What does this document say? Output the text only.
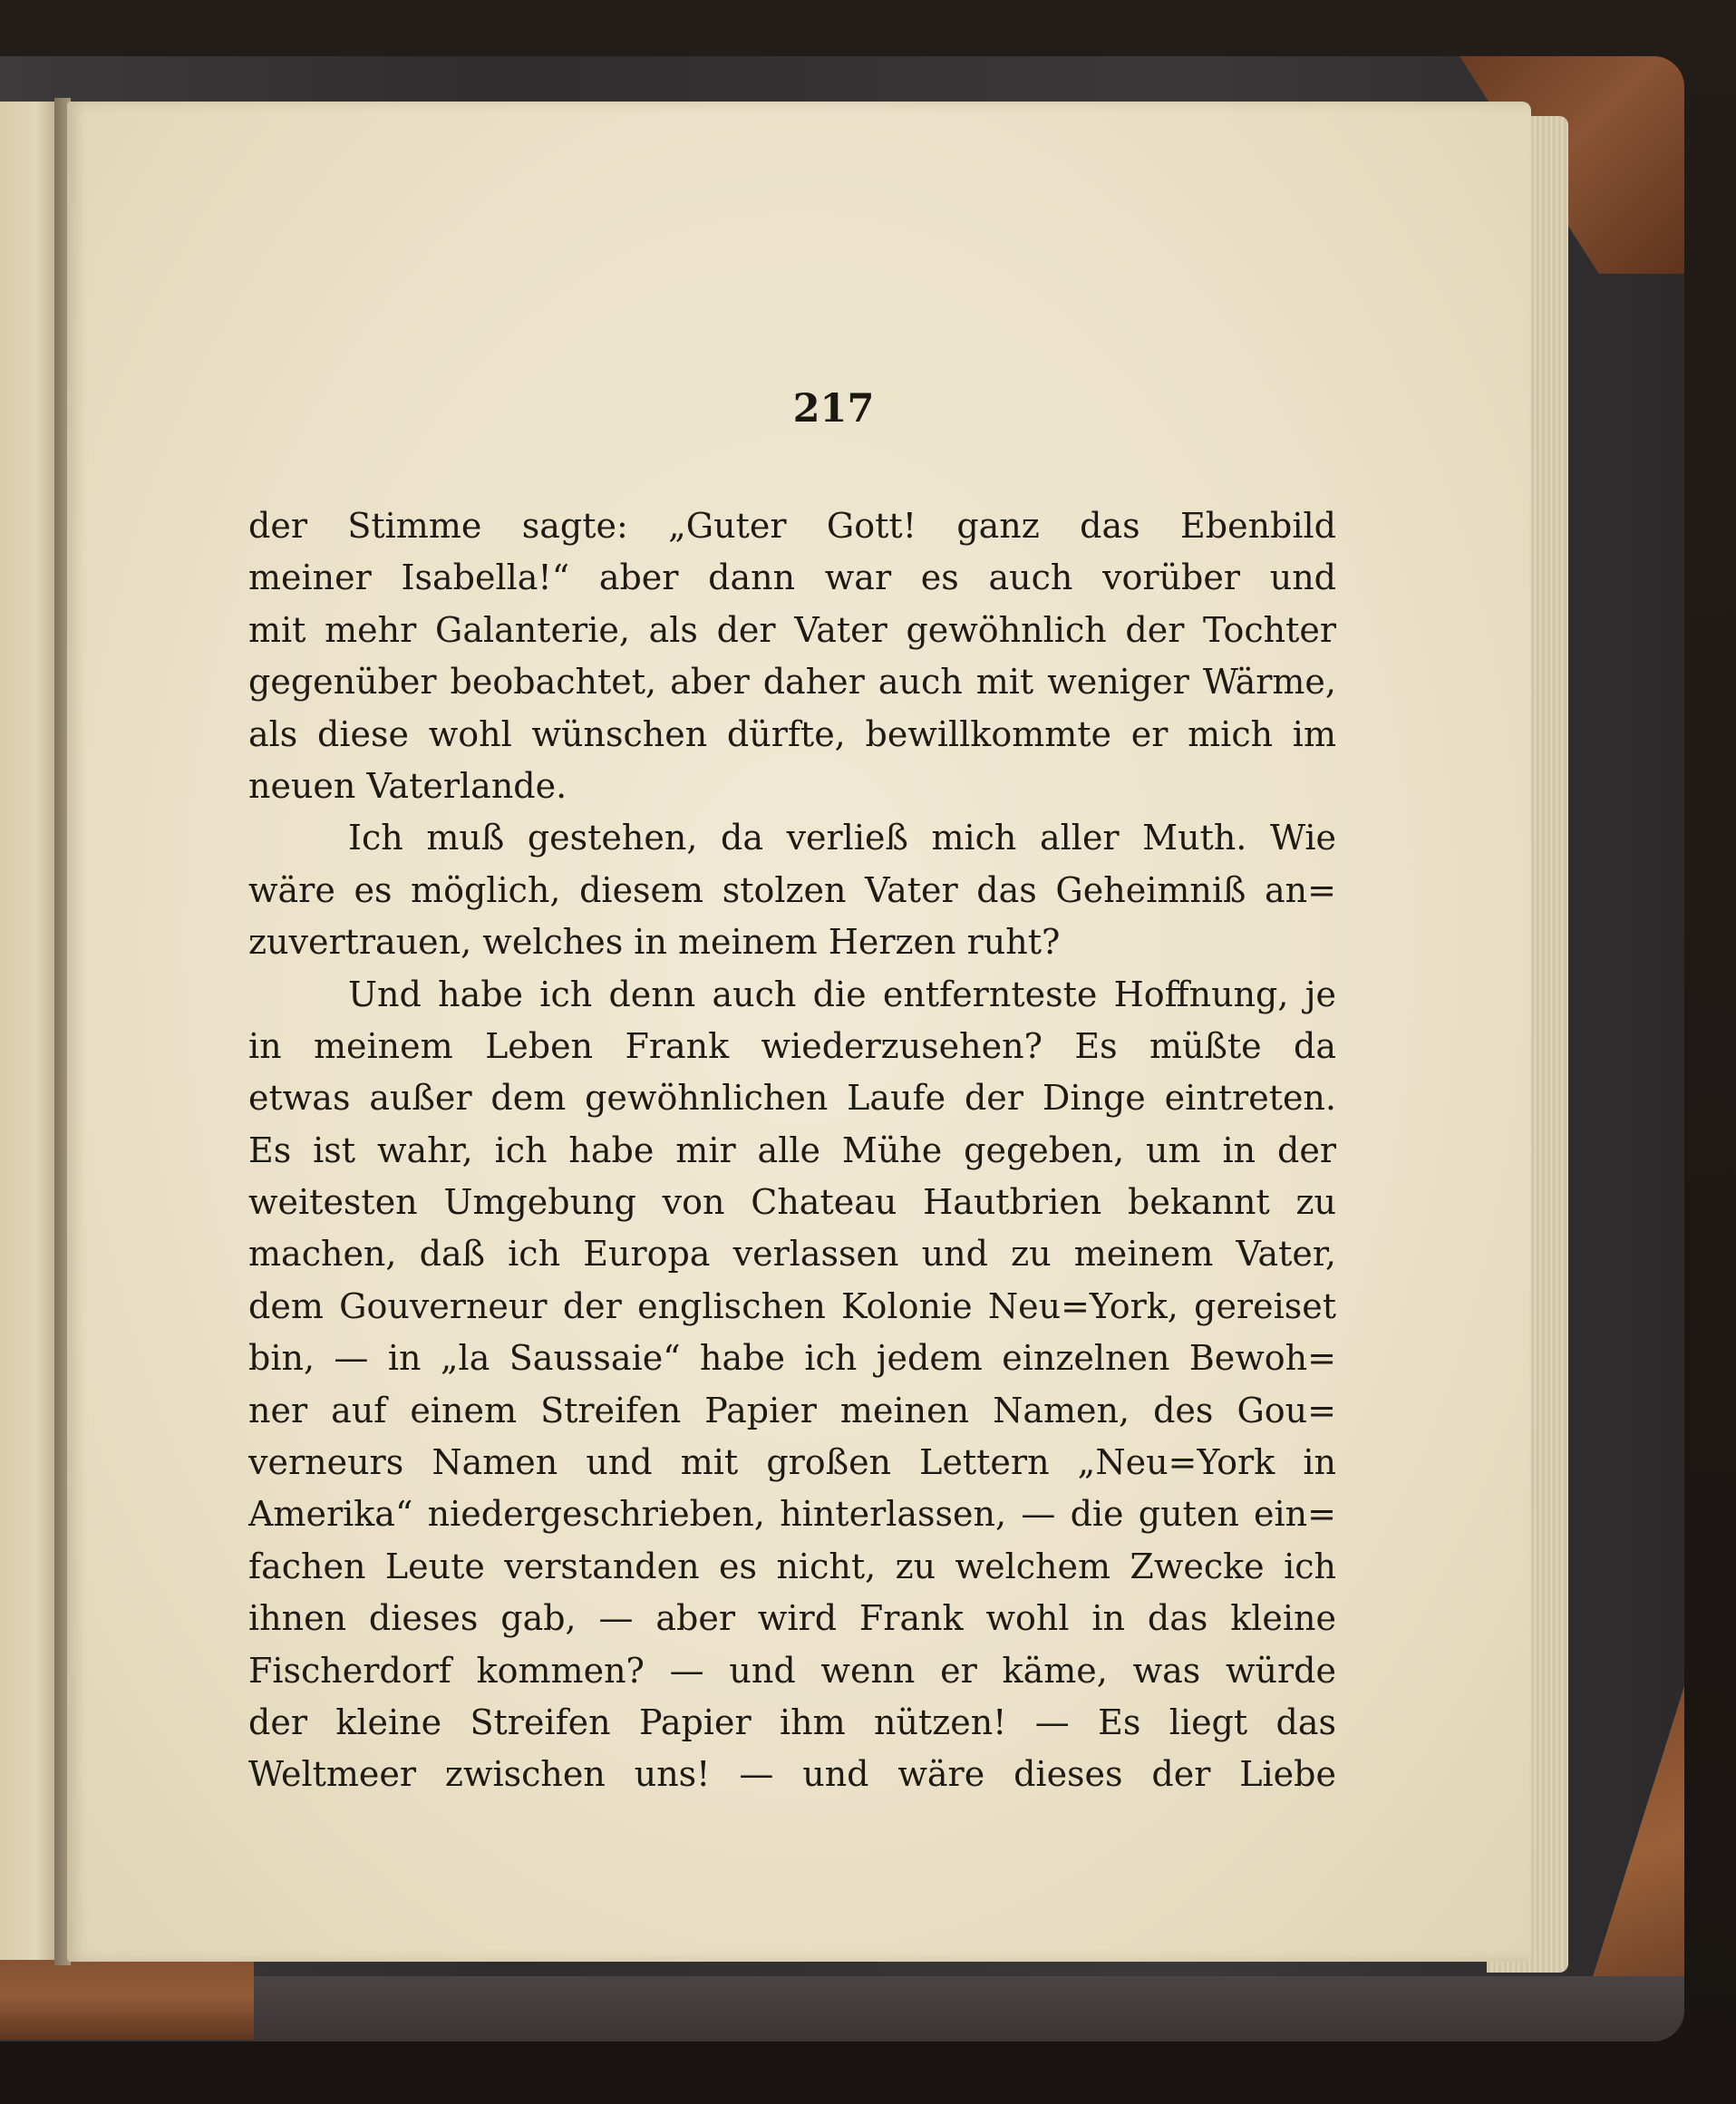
217
der Stimme sagte: „Guter Gott! ganz das Ebenbild
meiner Isabella!“ aber dann war es auch vorüber und
mit mehr Galanterie, als der Vater gewöhnlich der Tochter
gegenüber beobachtet, aber daher auch mit weniger Wärme,
als diese wohl wünschen dürfte, bewillkommte er mich im
neuen Vaterlande.
Ich muß gestehen, da verließ mich aller Muth. Wie
wäre es möglich, diesem stolzen Vater das Geheimniß an=
zuvertrauen, welches in meinem Herzen ruht?
Und habe ich denn auch die entfernteste Hoffnung, je
in meinem Leben Frank wiederzusehen? Es müßte da
etwas außer dem gewöhnlichen Laufe der Dinge eintreten.
Es ist wahr, ich habe mir alle Mühe gegeben, um in der
weitesten Umgebung von Chateau Hautbrien bekannt zu
machen, daß ich Europa verlassen und zu meinem Vater,
dem Gouverneur der englischen Kolonie Neu=York, gereiset
bin, — in „la Saussaie“ habe ich jedem einzelnen Bewoh=
ner auf einem Streifen Papier meinen Namen, des Gou=
verneurs Namen und mit großen Lettern „Neu=York in
Amerika“ niedergeschrieben, hinterlassen, — die guten ein=
fachen Leute verstanden es nicht, zu welchem Zwecke ich
ihnen dieses gab, — aber wird Frank wohl in das kleine
Fischerdorf kommen? — und wenn er käme, was würde
der kleine Streifen Papier ihm nützen! — Es liegt das
Weltmeer zwischen uns! — und wäre dieses der Liebe
